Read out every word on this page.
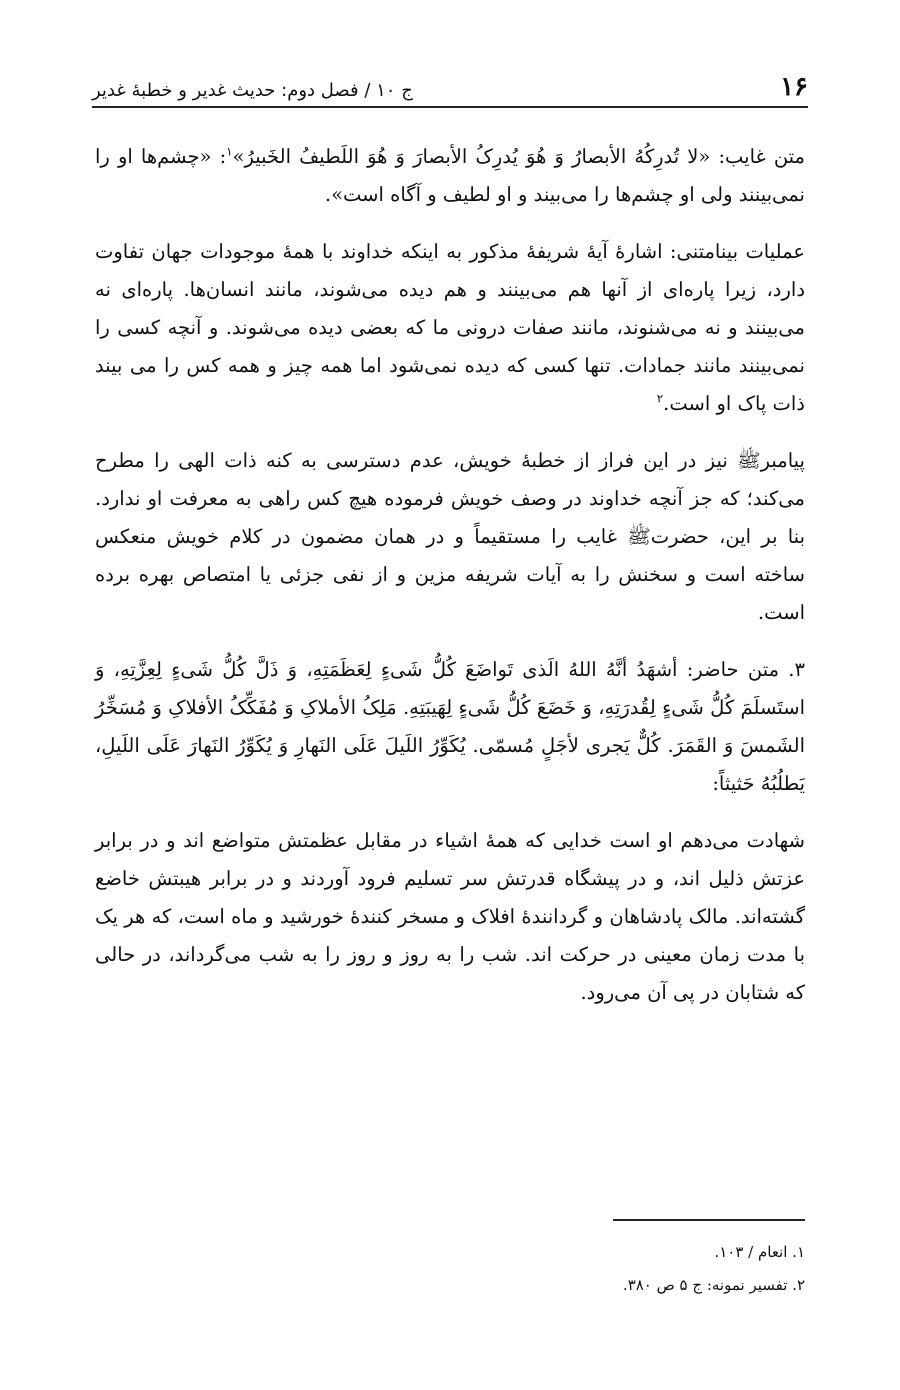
۱۶
ج ۱۰ / فصل دوم: حدیث غدیر و خطبهٔ غدیر

متن غایب: «لا تُدرِکُهُ الأبصارُ وَ هُوَ یُدرِکُ الأبصارَ وَ هُوَ اللَطیفُ الخَبیرُ»$^۱$: «چشم‌ها او را نمی‌بینند ولی او چشم‌ها را می‌بیند و او لطیف و آگاه است».

عملیات بینامتنی: اشارهٔ آیهٔ شریفهٔ مذکور به اینکه خداوند با همهٔ موجودات جهان تفاوت دارد، زیرا پاره‌ای از آنها هم می‌بینند و هم دیده می‌شوند، مانند انسان‌ها. پاره‌ای نه می‌بینند و نه می‌شنوند، مانند صفات درونی ما که بعضی دیده می‌شوند. و آنچه کسی را نمی‌بینند مانند جمادات. تنها کسی که دیده نمی‌شود اما همه چیز و همه کس را می بیند ذات پاک او است.$^۲$

پیامبرﷺ نیز در این فراز از خطبهٔ خویش، عدم دسترسی به کنه ذات الهی را مطرح می‌کند؛ که جز آنچه خداوند در وصف خویش فرموده هیچ کس راهی به معرفت او ندارد. بنا بر این، حضرتﷺ غایب را مستقیماً و در همان مضمون در کلام خویش منعکس ساخته است و سخنش را به آیات شریفه مزین و از نفی جزئی یا امتصاص بهره برده است.

۳. متن حاضر: أشهَدُ أنَّهُ اللهُ الَذی تَواضَعَ کُلُّ شَیءٍ لِعَظَمَتِهِ، وَ ذَلَّ کُلُّ شَیءٍ لِعِزَّتِهِ، وَ استَسلَمَ کُلُّ شَیءٍ لِقُدرَتِهِ، وَ خَضَعَ کُلُّ شَیءٍ لِهَیبَتِهِ. مَلِکُ الأملاکِ وَ مُفَکِّکُ الأفلاکِ وَ مُسَخِّرُ الشَمسَ وَ القَمَرَ. کُلٌّ یَجری لأجَلٍ مُسمّی. یُکَوِّرُ اللَیلَ عَلَی النَهارِ وَ یُکَوِّرُ النَهارَ عَلَی اللَیلِ، یَطلُبُهُ حَثیثاً:

شهادت می‌دهم او است خدایی که همهٔ اشیاء در مقابل عظمتش متواضع اند و در برابر عزتش ذلیل اند، و در پیشگاه قدرتش سر تسلیم فرود آوردند و در برابر هیبتش خاضع گشته‌اند. مالک پادشاهان و گردانندهٔ افلاک و مسخر کنندهٔ خورشید و ماه است، که هر یک با مدت زمان معینی در حرکت اند. شب را به روز و روز را به شب می‌گرداند، در حالی که شتابان در پی آن می‌رود.

۱. انعام / ۱۰۳.
۲. تفسیر نمونه: ج ۵ ص ۳۸۰.
